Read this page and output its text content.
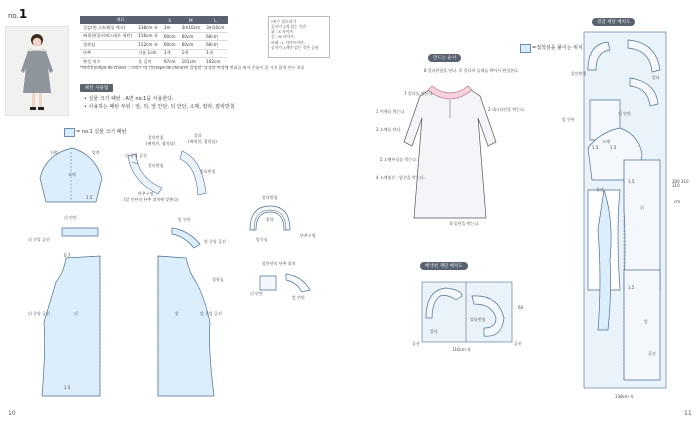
no.1	재료		S	M	L
겉감(면 스트레칭 체크)	138cm 폭	3m	3m10cm	3m10cm
배색천(폴리에스테르 새틴)	116cm 폭	60cm	60cm	60cm
접착심	112cm 폭	60cm	60cm	60cm
단추	지름 1cm	1개	1개	1개
완성 치수	옷 길이	97cm	101cm	102cm
*치수 참고하기
숫자가 2개 있는 것은
위 : S 사이즈,
중 : M 사이즈,
아래 : L 사이즈이며,
숫자가 1개만 있는 것은 공통
*배색천(crêpe de chine) : 크레프 데 신(crepe de chine)의 줄임말. 날실과 씨실에 변화를 줘서 주름이 잘 가지 않게 만든 직물
패턴 사용법
• 실물 크기 패턴 : A면 no.1을 사용한다.
• 사용하는 패턴 부위 : 앞, 뒤, 앞 안단, 뒤 안단, 소매, 칼라, 칼라받침
= no.1 실물 크기 패턴
뒤쪽	앞쪽
소매
1.5
칼라받침
(배색천, 접착심)
뒤 중앙 골선
칼라받침
단추구멍
(앞 안단의 단추 위치에 맞춘다)
칼라
(배색천, 접착심)
칼라받침
뒤 안단
뒤 중앙 골선
앞 안단
앞 중앙 골선
0.7
뒤
뒤 중앙 골선
1.5
앞	앞 중앙 골선
접착심
칼라받침
칼라
앞중심
단추구멍
앞안단의 단추 위치
뒤 안단
앞 안단
10
만드는 순서
8 칼라받침을 단다. 후 칼라의 둘레를 박아서 완성한다.
7 칼라를 만든다.
1 어깨를 박는다.	2 네크라인을 박는다.
3 소매를 단다.
5 소맷부리를 박는다.
4 소매옆선 · 옆선을 박는다.
6 밑단을 박는다.
배색천 재단 배치도
칼라
칼라받침
116cm 폭
60
골선	골선
겉감 재단 배치도
=접착심을 붙이는 위치
칼라받침
칼라
뒤 안단
앞 안단
소매
뒤
앞
골선
골선
300 310 310
cm
138cm 폭
1.5	1.5
1.5
1.5
11
